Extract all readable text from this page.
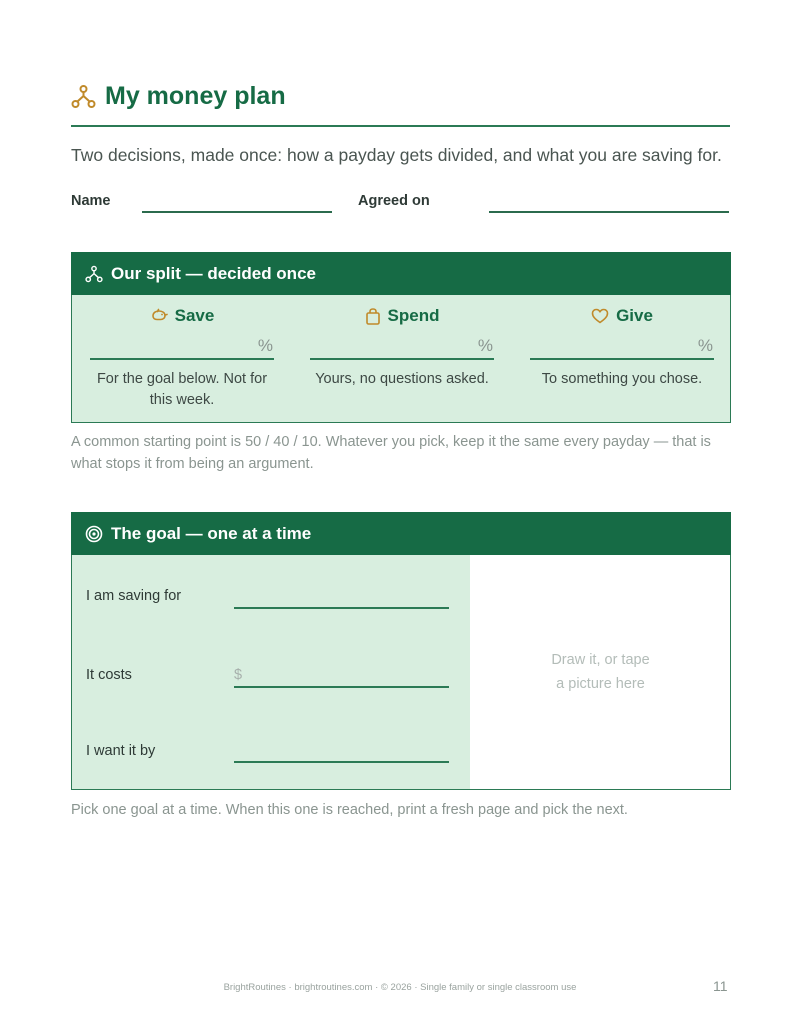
My money plan
Two decisions, made once: how a payday gets divided, and what you are saving for.
Name	Agreed on
Our split — decided once
Save
%
For the goal below. Not for this week.
Spend
%
Yours, no questions asked.
Give
%
To something you chose.
A common starting point is 50 / 40 / 10. Whatever you pick, keep it the same every payday — that is what stops it from being an argument.
The goal — one at a time
I am saving for
It costs	$
I want it by
Draw it, or tape
a picture here
Pick one goal at a time. When this one is reached, print a fresh page and pick the next.
BrightRoutines · brightroutines.com · © 2026 · Single family or single classroom use	11
